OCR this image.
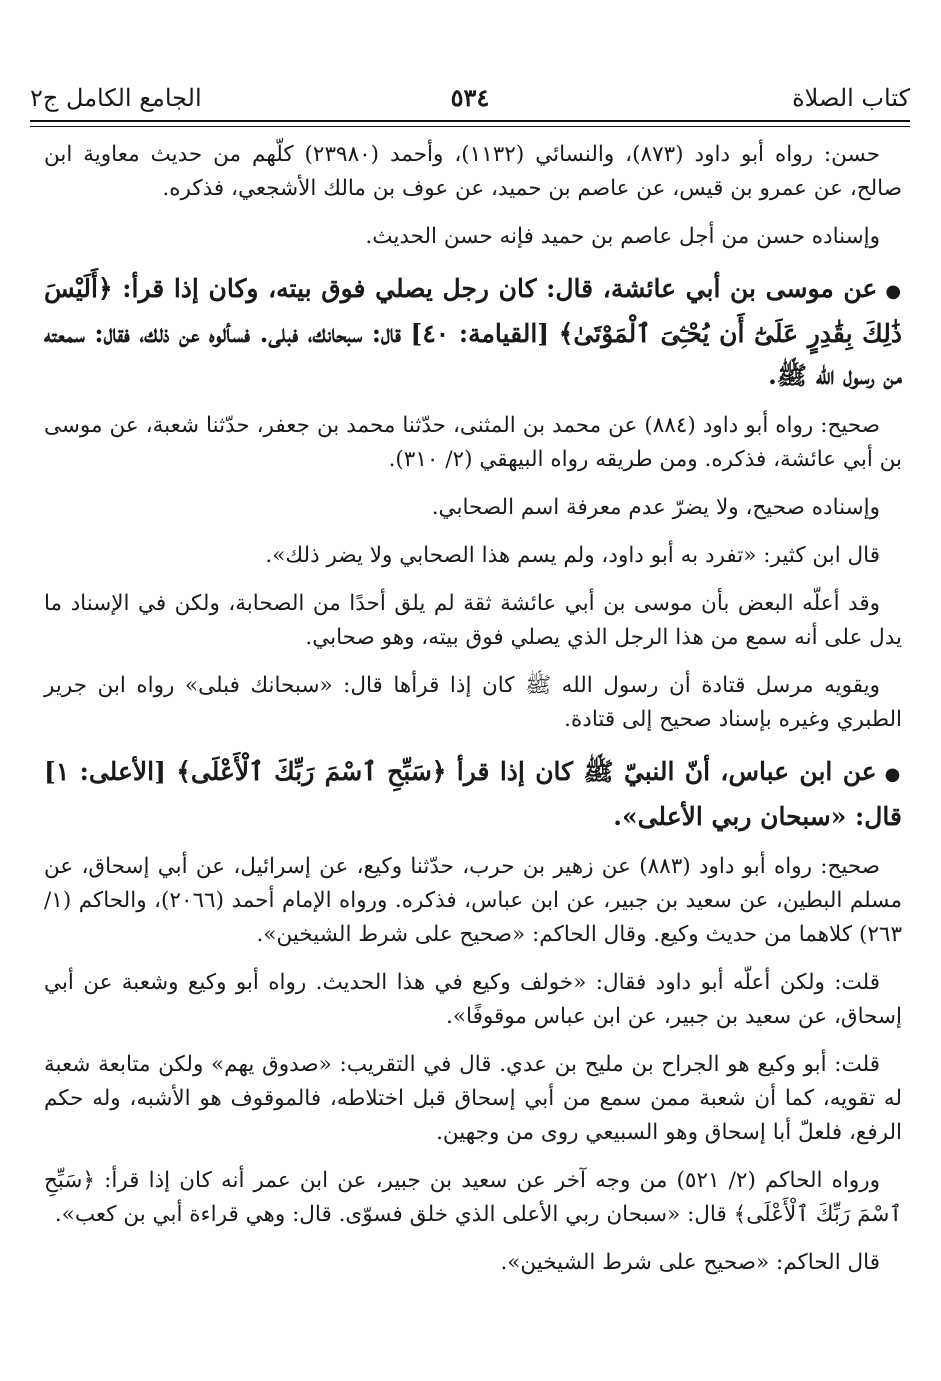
كتاب الصلاة
٥٣٤
الجامع الكامل ج٢

حسن: رواه أبو داود (٨٧٣)، والنسائي (١١٣٢)، وأحمد (٢٣٩٨٠) كلّهم من حديث معاوية ابن صالح، عن عمرو بن قيس، عن عاصم بن حميد، عن عوف بن مالك الأشجعي، فذكره.

وإسناده حسن من أجل عاصم بن حميد فإنه حسن الحديث.

●عن موسى بن أبي عائشة، قال: كان رجل يصلي فوق بيته، وكان إذا قرأ: ﴿أَلَيْسَ ذَٰلِكَ بِقَٰدِرٍ عَلَىٰٓ أَن يُحْـِۧىَ ٱلْمَوْتَىٰ﴾ [القيامة: ٤٠] قال: سبحانك، فبلى. فسألوه عن ذلك، فقال: سمعته من رسول الله ﷺ.

صحيح: رواه أبو داود (٨٨٤) عن محمد بن المثنى، حدّثنا محمد بن جعفر، حدّثنا شعبة، عن موسى بن أبي عائشة، فذكره. ومن طريقه رواه البيهقي (٢/ ٣١٠).

وإسناده صحيح، ولا يضرّ عدم معرفة اسم الصحابي.

قال ابن كثير: «تفرد به أبو داود، ولم يسم هذا الصحابي ولا يضر ذلك».

وقد أعلّه البعض بأن موسى بن أبي عائشة ثقة لم يلق أحدًا من الصحابة، ولكن في الإسناد ما يدل على أنه سمع من هذا الرجل الذي يصلي فوق بيته، وهو صحابي.

ويقويه مرسل قتادة أن رسول الله ﷺ كان إذا قرأها قال: «سبحانك فبلى» رواه ابن جرير الطبري وغيره بإسناد صحيح إلى قتادة.

●عن ابن عباس، أنّ النبيّ ﷺ كان إذا قرأ ﴿سَبِّحِ ٱسْمَ رَبِّكَ ٱلْأَعْلَى﴾ [الأعلى: ١] قال: «سبحان ربي الأعلى».

صحيح: رواه أبو داود (٨٨٣) عن زهير بن حرب، حدّثنا وكيع، عن إسرائيل، عن أبي إسحاق، عن مسلم البطين، عن سعيد بن جبير، عن ابن عباس، فذكره. ورواه الإمام أحمد (٢٠٦٦)، والحاكم (١/ ٢٦٣) كلاهما من حديث وكيع. وقال الحاكم: «صحيح على شرط الشيخين».

قلت: ولكن أعلّه أبو داود فقال: «خولف وكيع في هذا الحديث. رواه أبو وكيع وشعبة عن أبي إسحاق، عن سعيد بن جبير، عن ابن عباس موقوفًا».

قلت: أبو وكيع هو الجراح بن مليح بن عدي. قال في التقريب: «صدوق يهم» ولكن متابعة شعبة له تقويه، كما أن شعبة ممن سمع من أبي إسحاق قبل اختلاطه، فالموقوف هو الأشبه، وله حكم الرفع، فلعلّ أبا إسحاق وهو السبيعي روى من وجهين.

ورواه الحاكم (٢/ ٥٢١) من وجه آخر عن سعيد بن جبير، عن ابن عمر أنه كان إذا قرأ: ﴿سَبِّحِ ٱسْمَ رَبِّكَ ٱلْأَعْلَى﴾ قال: «سبحان ربي الأعلى الذي خلق فسوّى. قال: وهي قراءة أبي بن كعب».

قال الحاكم: «صحيح على شرط الشيخين».
